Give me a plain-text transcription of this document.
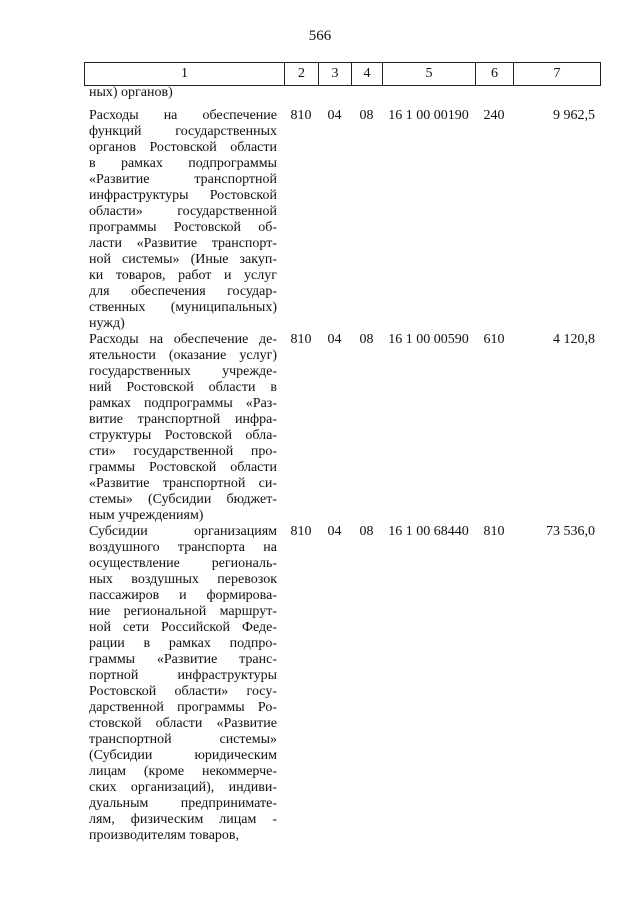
566
1	2	3	4	5	6	7
ных) органов)
Расходы на обеспечение
функций государственных
органов Ростовской области
в рамках подпрограммы
«Развитие транспортной
инфраструктуры Ростовской
области» государственной
программы Ростовской об-
ласти «Развитие транспорт-
ной системы» (Иные закуп-
ки товаров, работ и услуг
для обеспечения государ-
ственных (муниципальных)
нужд)
810	04	08	16 1 00 00190	240	9 962,5
Расходы на обеспечение де-
ятельности (оказание услуг)
государственных учрежде-
ний Ростовской области в
рамках подпрограммы «Раз-
витие транспортной инфра-
структуры Ростовской обла-
сти» государственной про-
граммы Ростовской области
«Развитие транспортной си-
стемы» (Субсидии бюджет-
ным учреждениям)
810	04	08	16 1 00 00590	610	4 120,8
Субсидии организациям
воздушного транспорта на
осуществление региональ-
ных воздушных перевозок
пассажиров и формирова-
ние региональной маршрут-
ной сети Российской Феде-
рации в рамках подпро-
граммы «Развитие транс-
портной инфраструктуры
Ростовской области» госу-
дарственной программы Ро-
стовской области «Развитие
транспортной системы»
(Субсидии юридическим
лицам (кроме некоммерче-
ских организаций), индиви-
дуальным предпринимате-
лям, физическим лицам -
производителям товаров,
810	04	08	16 1 00 68440	810	73 536,0
